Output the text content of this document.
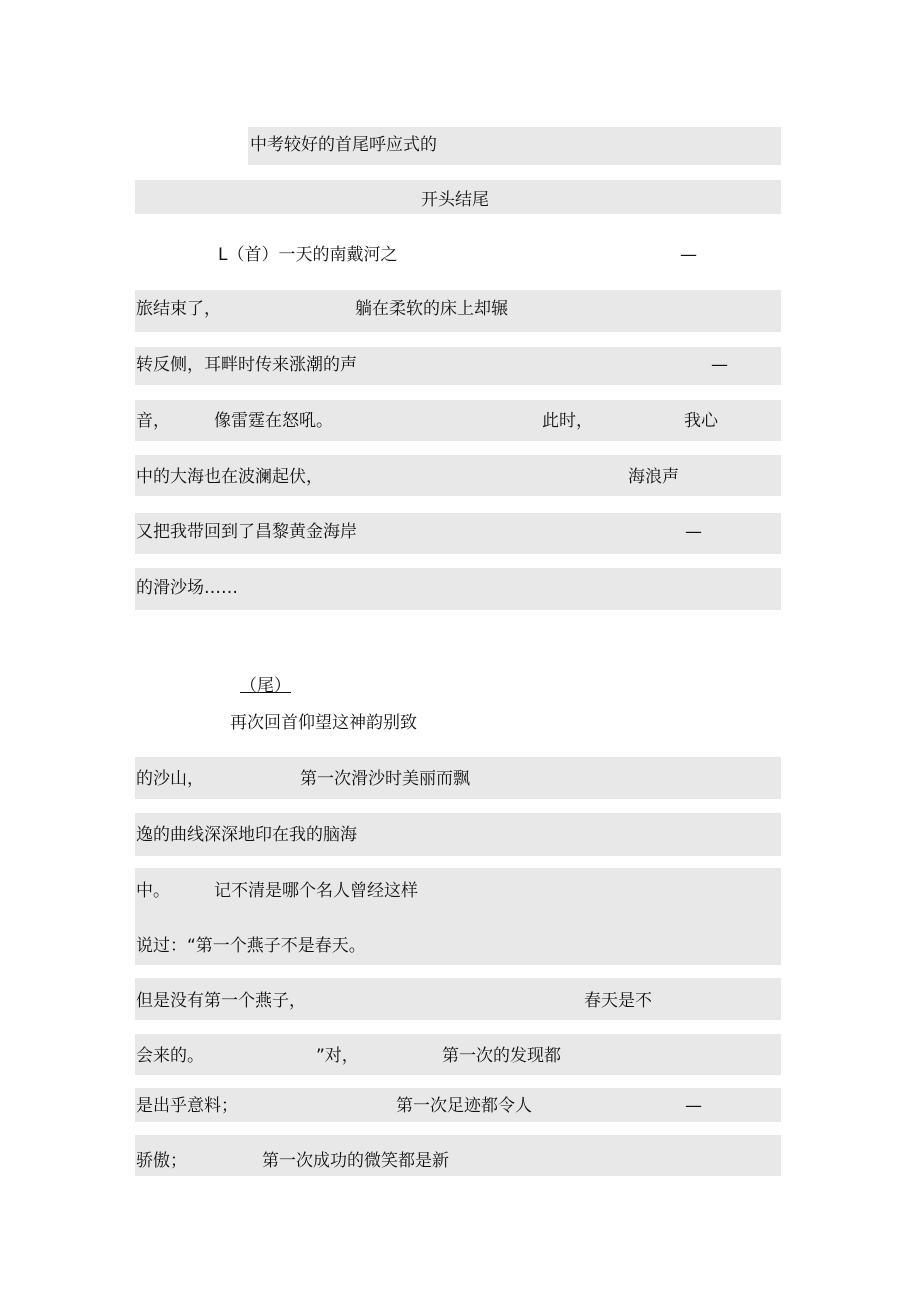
中考较好的首尾呼应式的
开头结尾
L（首）一天的南戴河之	—
旅结束了，	躺在柔软的床上却辗
转反侧，耳畔时传来涨潮的声	—
音，	像雷霆在怒吼。	此时，	我心
中的大海也在波澜起伏，	海浪声
又把我带回到了昌黎黄金海岸	—
的滑沙场……
（尾）
再次回首仰望这神韵别致
的沙山，	第一次滑沙时美丽而飘
逸的曲线深深地印在我的脑海
中。	记不清是哪个名人曾经这样
说过：“第一个燕子不是春天。
但是没有第一个燕子，	春天是不
会来的。	”对，	第一次的发现都
是出乎意料；	第一次足迹都令人	—
骄傲；	第一次成功的微笑都是新
